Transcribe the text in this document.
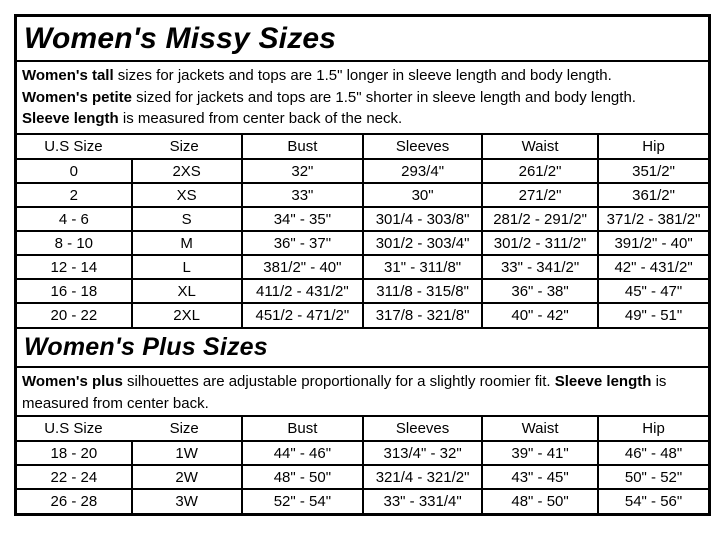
Women's Missy Sizes
Women's tall sizes for jackets and tops are 1.5" longer in sleeve length and body length.
Women's petite sized for jackets and tops are 1.5" shorter in sleeve length and body length.
Sleeve length is measured from center back of the neck.
U.S Size Size		Bust	Sleeves	Waist	Hip
0	2XS	32"	293/4"	261/2"	351/2"
2	XS	33"	30"	271/2"	361/2"
4 - 6	S	34" - 35"	301/4 - 303/8"	281/2 - 291/2"	371/2 - 381/2"
8 - 10	M	36" - 37"	301/2 - 303/4"	301/2 - 311/2"	391/2" - 40"
12 - 14	L	381/2" - 40"	31" - 311/8"	33" - 341/2"	42" - 431/2"
16 - 18	XL	411/2 - 431/2"	311/8 - 315/8"	36" - 38"	45" - 47"
20 - 22	2XL	451/2 - 471/2"	317/8 - 321/8"	40" - 42"	49" - 51"
Women's Plus Sizes
Women's plus silhouettes are adjustable proportionally for a slightly roomier fit. Sleeve length is measured from center back.
U.S Size Size		Bust	Sleeves	Waist	Hip
18 - 20	1W	44" - 46"	313/4" - 32"	39" - 41"	46" - 48"
22 - 24	2W	48" - 50"	321/4 - 321/2"	43" - 45"	50" - 52"
26 - 28	3W	52" - 54"	33" - 331/4"	48" - 50"	54" - 56"
